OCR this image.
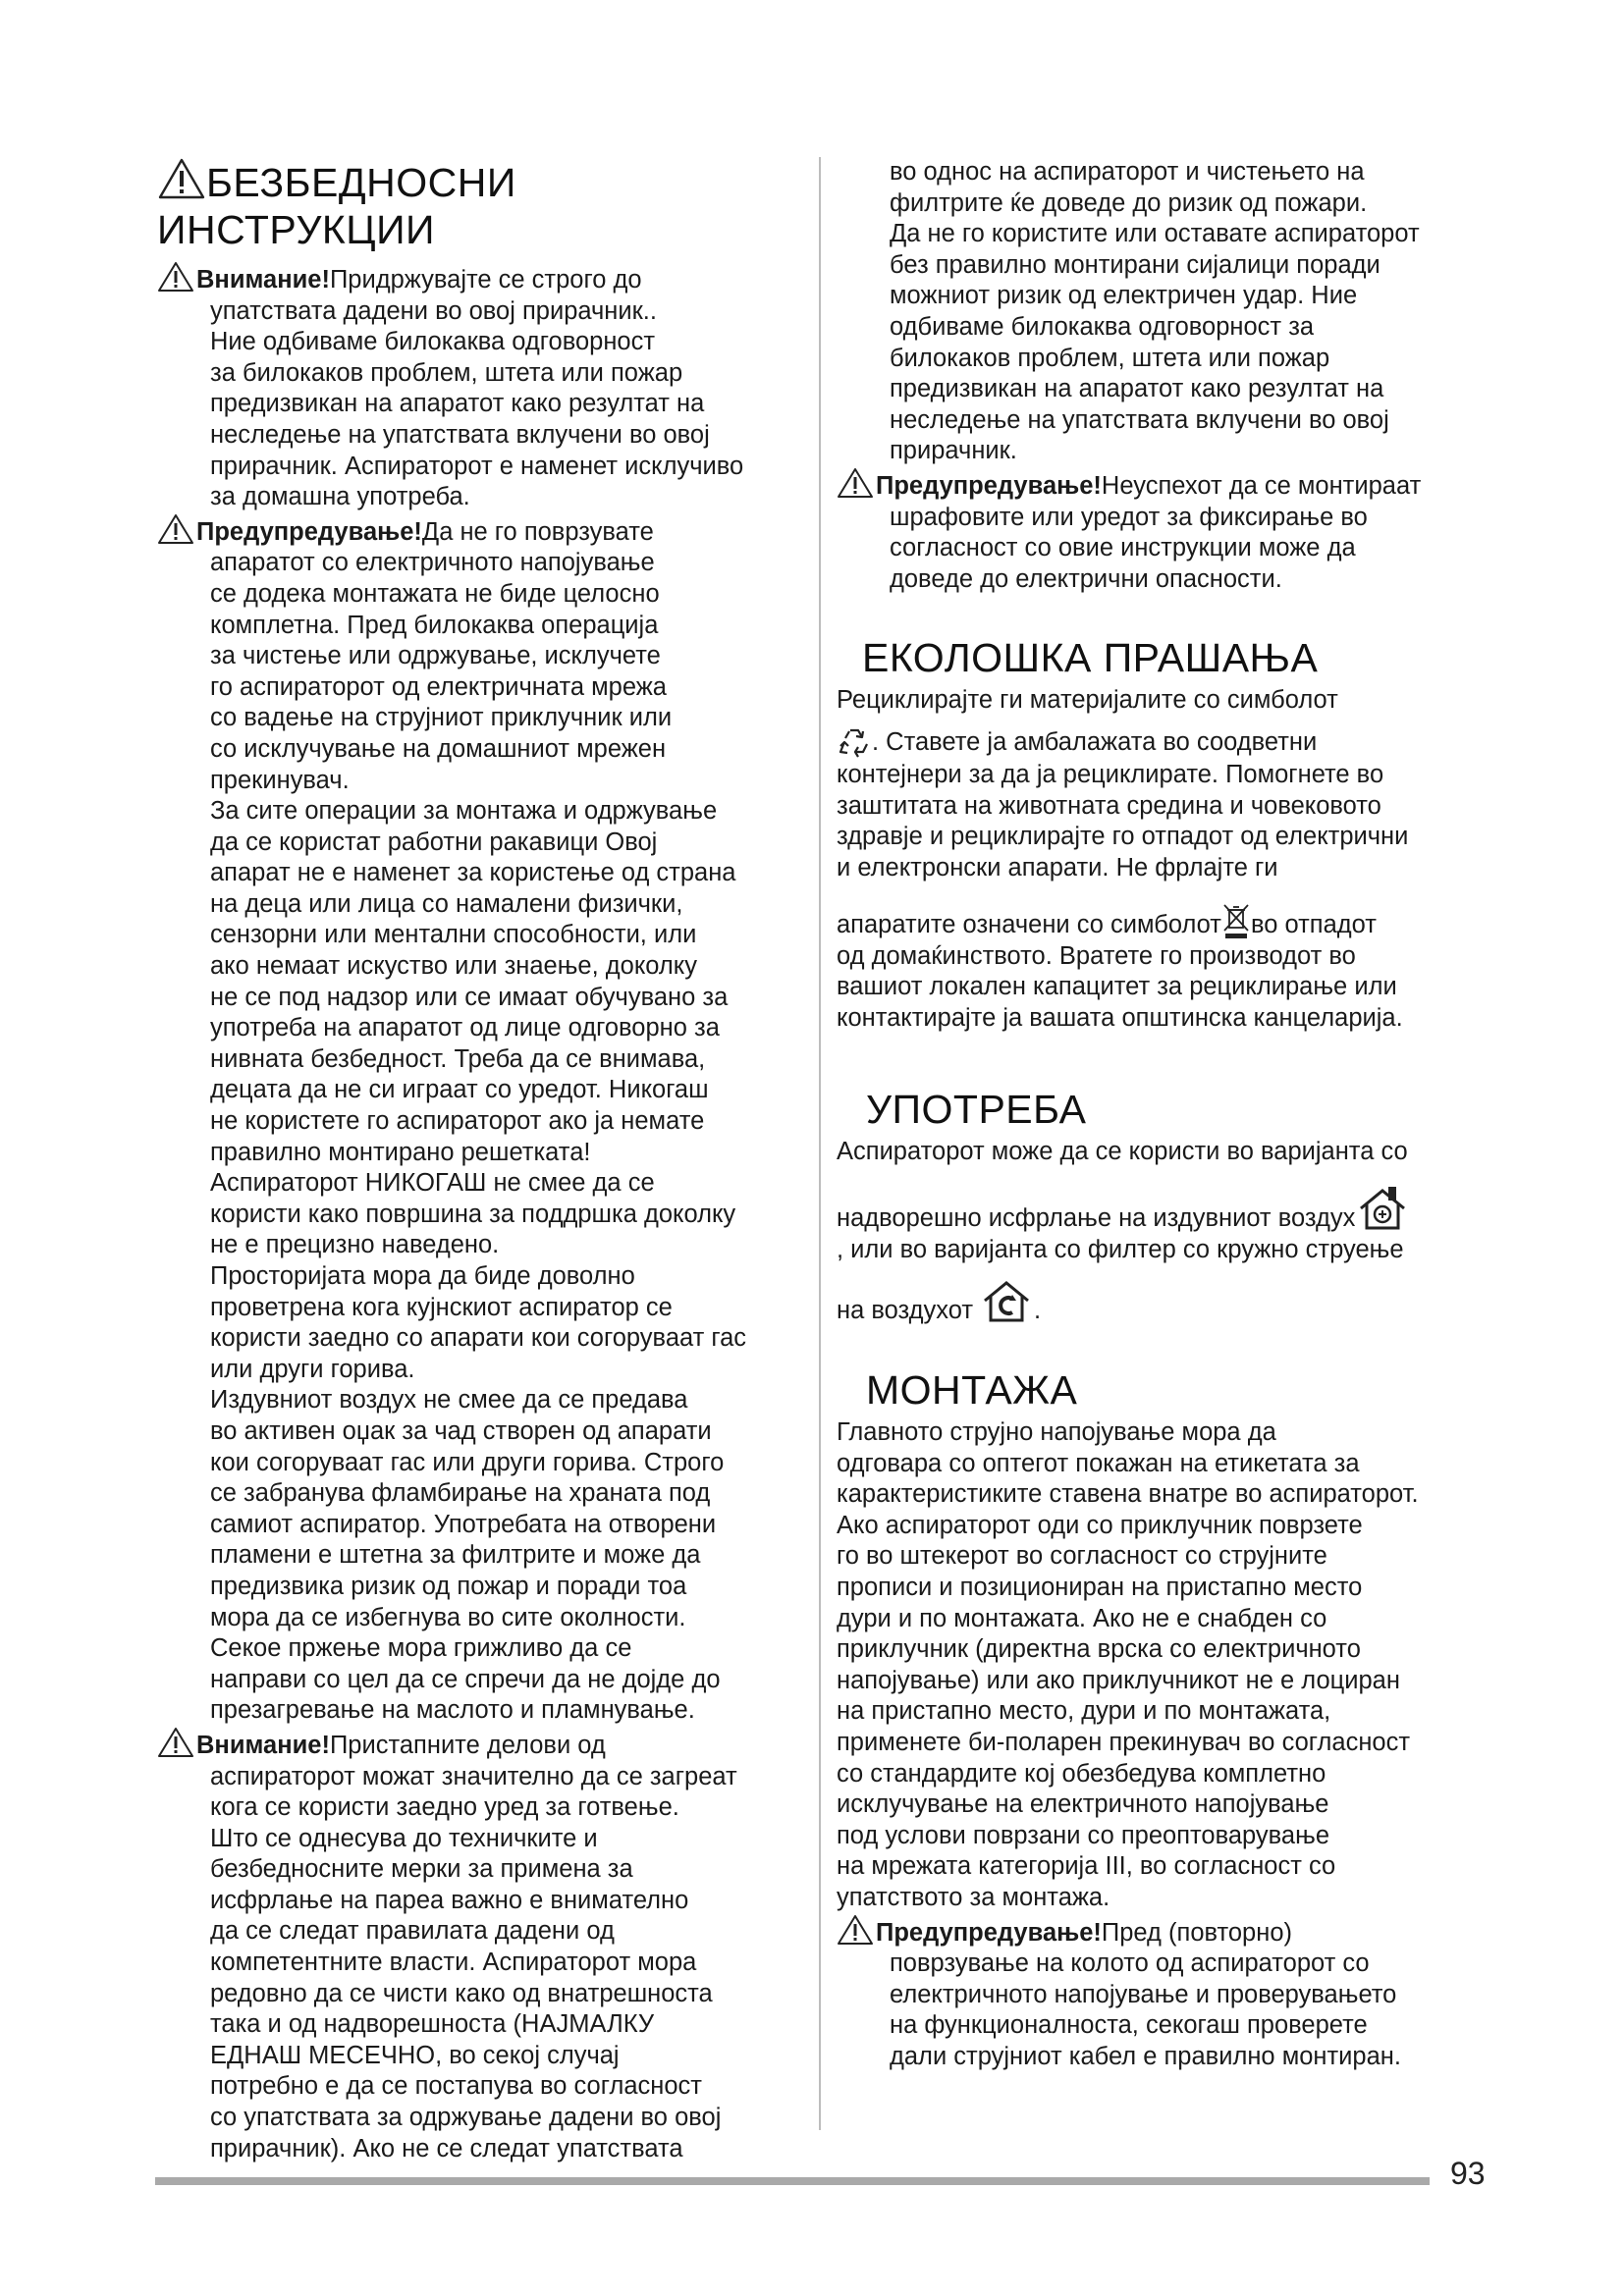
БЕЗБЕДНОСНИ ИНСТРУКЦИИ
Внимание!Придржувајте се строго до
упатствата дадени во овој прирачник..
Ние одбиваме билокаква одговорност
за билокаков проблем, штета или пожар
предизвикан на апаратот како резултат на
неследење на упатствата вклучени во овој
прирачник. Аспираторот е наменет исклучиво
за домашна употреба.
Предупредување!Да не го поврзувате
апаратот со електричното напојување
се додека монтажата не биде целосно
комплетна. Пред билокаква операција
за чистење или одржување, исклучете
го аспираторот од електричната мрежа
со вадење на струјниот приклучник или
со исклучување на домашниот мрежен
прекинувач.
За сите операции за монтажа и одржување
да се користат работни ракавици Овој
апарат не е наменет за користење од страна
на деца или лица со намалени физички,
сензорни или ментални способности, или
ако немаат искуство или знаење, доколку
не се под надзор или се имаат обучувано за
употреба на апаратот од лице одговорно за
нивната безбедност. Треба да се внимава,
децата да не си играат со уредот. Никогаш
не користете го аспираторот ако ја немате
правилно монтирано решетката!
Аспираторот НИКОГАШ не смее да се
користи како површина за поддршка доколку
не е прецизно наведено.
Просторијата мора да биде доволно
проветрена кога кујнскиот аспиратор се
користи заедно со апарати кои согоруваат гас
или други горива.
Издувниот воздух не смее да се предава
во активен оџак за чад створен од апарати
кои согоруваат гас или други горива. Строго
се забранува фламбирање на храната под
самиот аспиратор. Употребата на отворени
пламени е штетна за филтрите и може да
предизвика ризик од пожар и поради тоа
мора да се избегнува во сите околности.
Секое пржење мора грижливо да се
направи со цел да се спречи да не дојде до
презагревање на маслото и пламнување.
Внимание!Пристапните делови од
аспираторот можат значително да се загреат
кога се користи заедно уред за готвење.
Што се однесува до техничките и
безбедносните мерки за примена за
исфрлање на пареа важно е внимателно
да се следат правилата дадени од
компетентните власти. Аспираторот мора
редовно да се чисти како од внатрешноста
така и од надворешноста (НАЈМАЛКУ
ЕДНАШ МЕСЕЧНО, во секој случај
потребно е да се постапува во согласност
со упатствата за одржување дадени во овој
прирачник). Ако не се следат упатствата
во однос на аспираторот и чистењето на
филтрите ќе доведе до ризик од пожари.
Да не го користите или оставате аспираторот
без правилно монтирани сијалици поради
можниот ризик од електричен удар. Ние
одбиваме билокаква одговорност за
билокаков проблем, штета или пожар
предизвикан на апаратот како резултат на
неследење на упатствата вклучени во овој
прирачник.
Предупредување!Неуспехот да се монтираат
шрафовите или уредот за фиксирање во
согласност со овие инструкции може да
доведе до електрични опасности.
ЕКОЛОШКА ПРАШАЊА
Рециклирајте ги материјалите со симболот
. Ставете ја амбалажата во соодветни
контејнери за да ја рециклирате. Помогнете во
заштитата на животната средина и човековото
здравје и рециклирајте го отпадот од електрични
и електронски апарати. Не фрлајте ги
апаратите означени со симболот во отпадот
од домаќинството. Вратете го производот во
вашиот локален капацитет за рециклирање или
контактирајте ја вашата општинска канцеларија.
УПОТРЕБА
Аспираторот може да се користи во варијанта со
надворешно исфрлање на издувниот воздух
, или во варијанта со филтер со кружно струење
на воздухот .
МОНТАЖА
Главното струјно напојување мора да
одговара со оптегот покажан на етикетата за
карактеристиките ставена внатре во аспираторот.
Ако аспираторот оди со приклучник поврзете
го во штекерот во согласност со струјните
прописи и позициониран на пристапно место
дури и по монтажата. Ако не е снабден со
приклучник (директна врска со електричното
напојување) или ако приклучникот не е лоциран
на пристапно место, дури и по монтажата,
применете би-поларен прекинувач во согласност
со стандардите кој обезбедува комплетно
исклучување на електричното напојување
под услови поврзани со преоптоварување
на мрежата категорија III, во согласност со
упатството за монтажа.
Предупредување!Пред (повторно)
поврзување на колото од аспираторот со
електричното напојување и проверувањето
на функционалноста, секогаш проверете
дали струјниот кабел е правилно монтиран.
93
